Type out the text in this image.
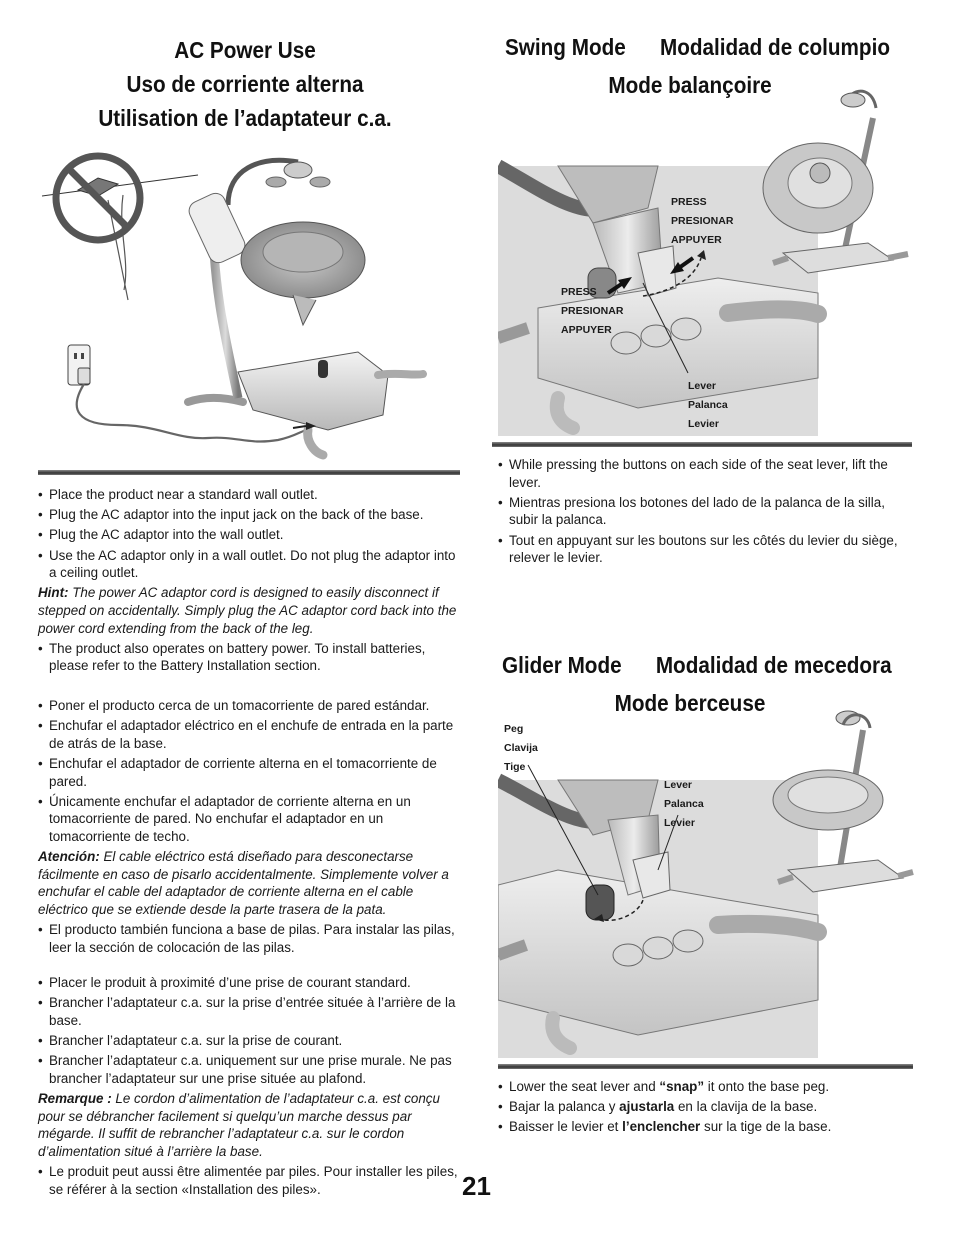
AC Power Use
Uso de corriente alterna
Utilisation de l’adaptateur c.a.
• Place the product near a standard wall outlet.
• Plug the AC adaptor into the input jack on the back of the base.
• Plug the AC adaptor into the wall outlet.
• Use the AC adaptor only in a wall outlet. Do not plug the adaptor into a ceiling outlet.
Hint: The power AC adaptor cord is designed to easily disconnect if stepped on accidentally. Simply plug the AC adaptor cord back into the power cord extending from the back of the leg.
• The product also operates on battery power. To install batteries, please refer to the Battery Installation section.
• Poner el producto cerca de un tomacorriente de pared estándar.
• Enchufar el adaptador eléctrico en el enchufe de entrada en la parte de atrás de la base.
• Enchufar el adaptador de corriente alterna en el tomacorriente de pared.
• Únicamente enchufar el adaptador de corriente alterna en un tomacorriente de pared. No enchufar el adaptador en un tomacorriente de techo.
Atención: El cable eléctrico está diseñado para desconectarse fácilmente en caso de pisarlo accidentalmente. Simplemente volver a enchufar el cable del adaptador de corriente alterna en el cable eléctrico que se extiende desde la parte trasera de la pata.
• El producto también funciona a base de pilas. Para instalar las pilas, leer la sección de colocación de las pilas.
• Placer le produit à proximité d’une prise de courant standard.
• Brancher l’adaptateur c.a. sur la prise d’entrée située à l’arrière de la base.
• Brancher l’adaptateur c.a. sur la prise de courant.
• Brancher l’adaptateur c.a. uniquement sur une prise murale. Ne pas brancher l’adaptateur sur une prise située au plafond.
Remarque : Le cordon d’alimentation de l’adaptateur c.a. est conçu pour se débrancher facilement si quelqu’un marche dessus par mégarde. Il suffit de rebrancher l’adaptateur c.a. sur le cordon d’alimentation situé à l’arrière la base.
• Le produit peut aussi être alimentée par piles. Pour installer les piles, se référer à la section «Installation des piles».	21
Swing Mode Modalidad de columpio
Mode balançoire
PRESS
PRESIONAR
APPUYER
PRESS
PRESIONAR
APPUYER
Lever
Palanca
Levier
• While pressing the buttons on each side of the seat lever, lift the lever.
• Mientras presiona los botones del lado de la palanca de la silla, subir la palanca.
• Tout en appuyant sur les boutons sur les côtés du levier du siège, relever le levier.
Glider Mode Modalidad de mecedora
Mode berceuse
Peg
Clavija
Tige
Lever
Palanca
Levier
• Lower the seat lever and “snap” it onto the base peg.
• Bajar la palanca y ajustarla en la clavija de la base.
• Baisser le levier et l’enclencher sur la tige de la base.
